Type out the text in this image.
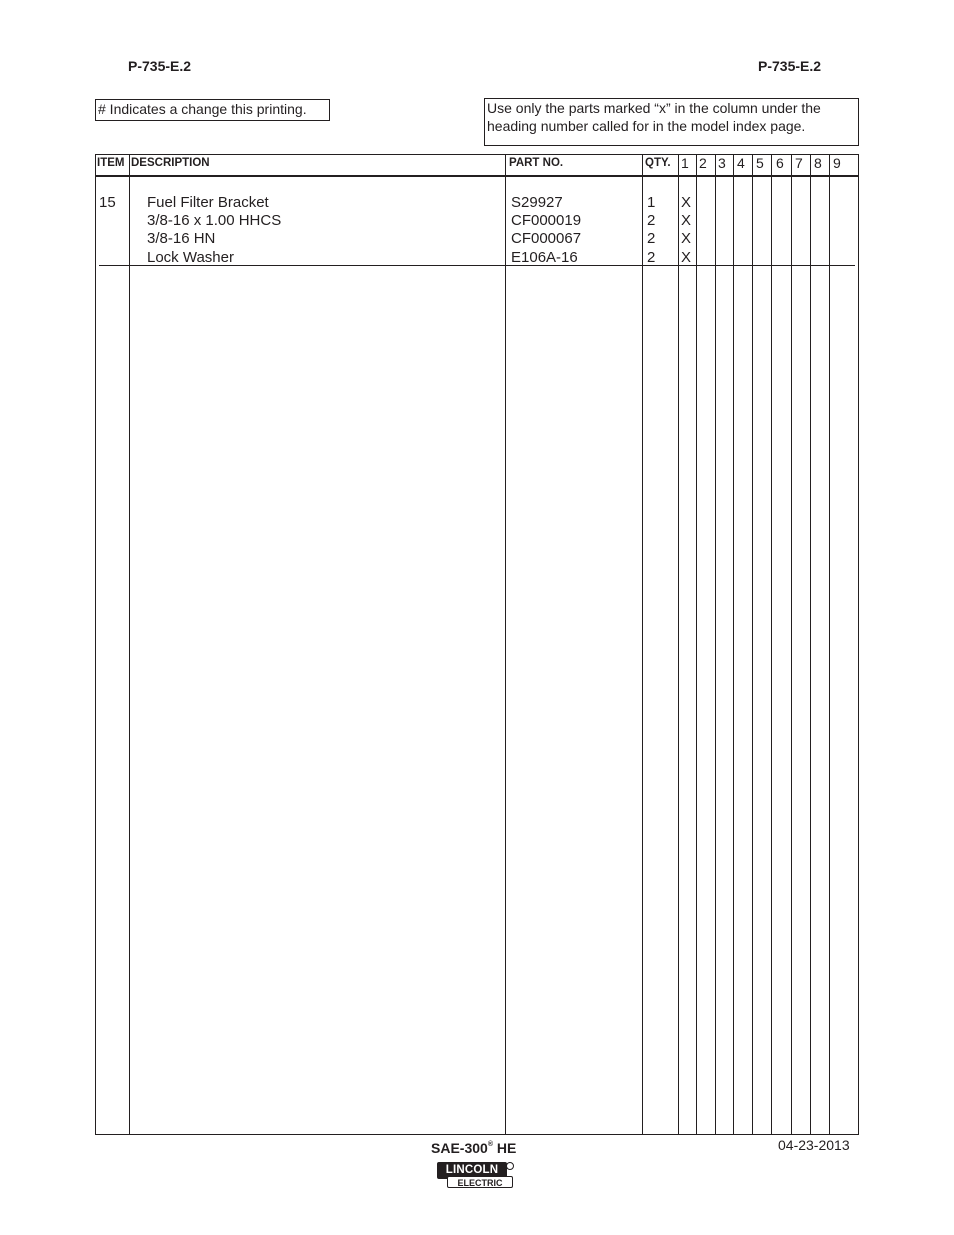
P-735-E.2	P-735-E.2
# Indicates a change this printing.	Use only the parts marked “x” in the column under the heading number called for in the model index page.
ITEM DESCRIPTION	PART NO.	QTY. 1 2 3 4 5 6 7 8 9
15 Fuel Filter Bracket	S29927	1 X
3/8-16 x 1.00 HHCS	CF000019	2 X
3/8-16 HN	CF000067	2 X
Lock Washer	E106A-16	2 X
SAE-300® HE	04-23-2013
LINCOLN
ELECTRIC
